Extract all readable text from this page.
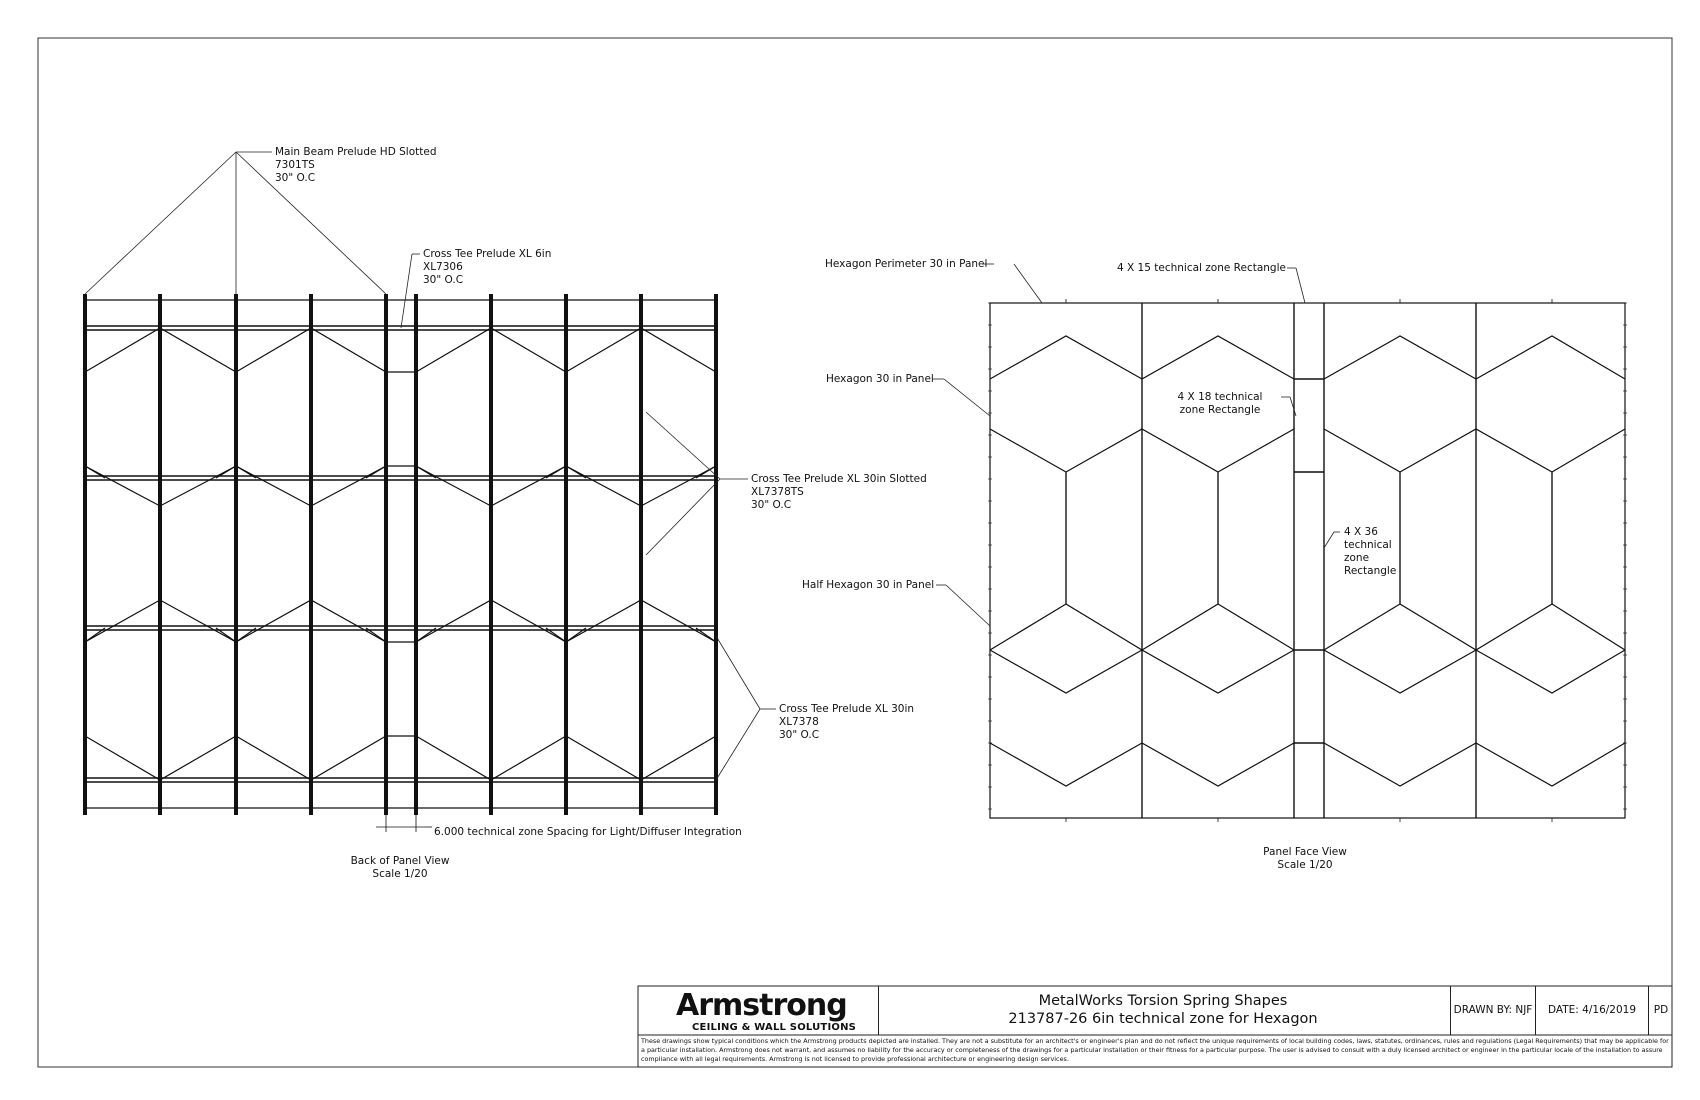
Main Beam Prelude HD Slotted
7301TS
30" O.C
Cross Tee Prelude XL 6in
XL7306
30" O.C
Cross Tee Prelude XL 30in Slotted
XL7378TS
30" O.C
Cross Tee Prelude XL 30in
XL7378
30" O.C
6.000 technical zone Spacing for Light/Diffuser Integration
Back of Panel View
Scale 1/20
Hexagon Perimeter 30 in Panel	4 X 15 technical zone Rectangle
Hexagon 30 in Panel
4 X 18 technical
zone Rectangle
4 X 36
technical
zone
Rectangle
Half Hexagon 30 in Panel
Panel Face View
Scale 1/20
Armstrong
CEILING & WALL SOLUTIONS
MetalWorks Torsion Spring Shapes
213787-26 6in technical zone for Hexagon
DRAWN BY: NJF	DATE: 4/16/2019	PD
These drawings show typical conditions which the Armstrong products depicted are installed. They are not a substitute for an architect's or engineer's plan and do not reflect the unique requirements of local building codes, laws, statutes, ordinances, rules and regulations (Legal Requirements) that may be applicable for a particular installation. Armstrong does not warrant, and assumes no liability for the accuracy or completeness of the drawings for a particular installation or their fitness for a particular purpose. The user is advised to consult with a duly licensed architect or engineer in the particular locale of the installation to assure compliance with all legal requirements. Armstrong is not licensed to provide professional architecture or engineering design services.
